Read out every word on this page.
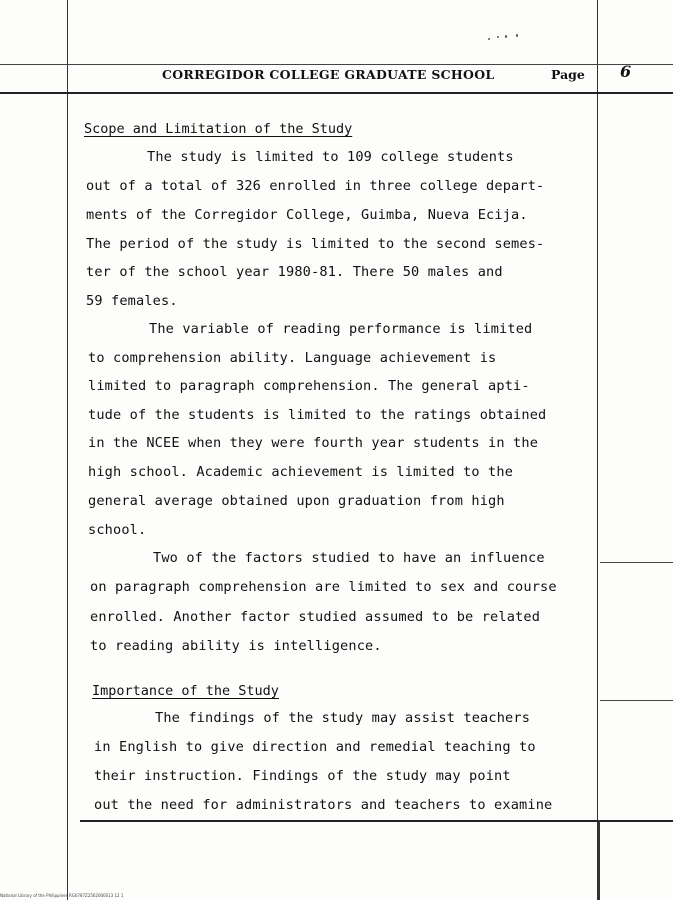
CORREGIDOR COLLEGE GRADUATE SCHOOL	Page 6
Scope and Limitation of the Study
The study is limited to 109 college students
out of a total of 326 enrolled in three college depart-
ments of the Corregidor College, Guimba, Nueva Ecija.
The period of the study is limited to the second semes-
ter of the school year 1980-81. There 50 males and
59 females.
The variable of reading performance is limited
to comprehension ability. Language achievement is
limited to paragraph comprehension. The general apti-
tude of the students is limited to the ratings obtained
in the NCEE when they were fourth year students in the
high school. Academic achievement is limited to the
general average obtained upon graduation from high
school.
Two of the factors studied to have an influence
on paragraph comprehension are limited to sex and course
enrolled. Another factor studied assumed to be related
to reading ability is intelligence.
Importance of the Study
The findings of the study may assist teachers
in English to give direction and remedial teaching to
their instruction. Findings of the study may point
out the need for administrators and teachers to examine
National Library of the Philippines RG0787Z2562000S13 12 1
